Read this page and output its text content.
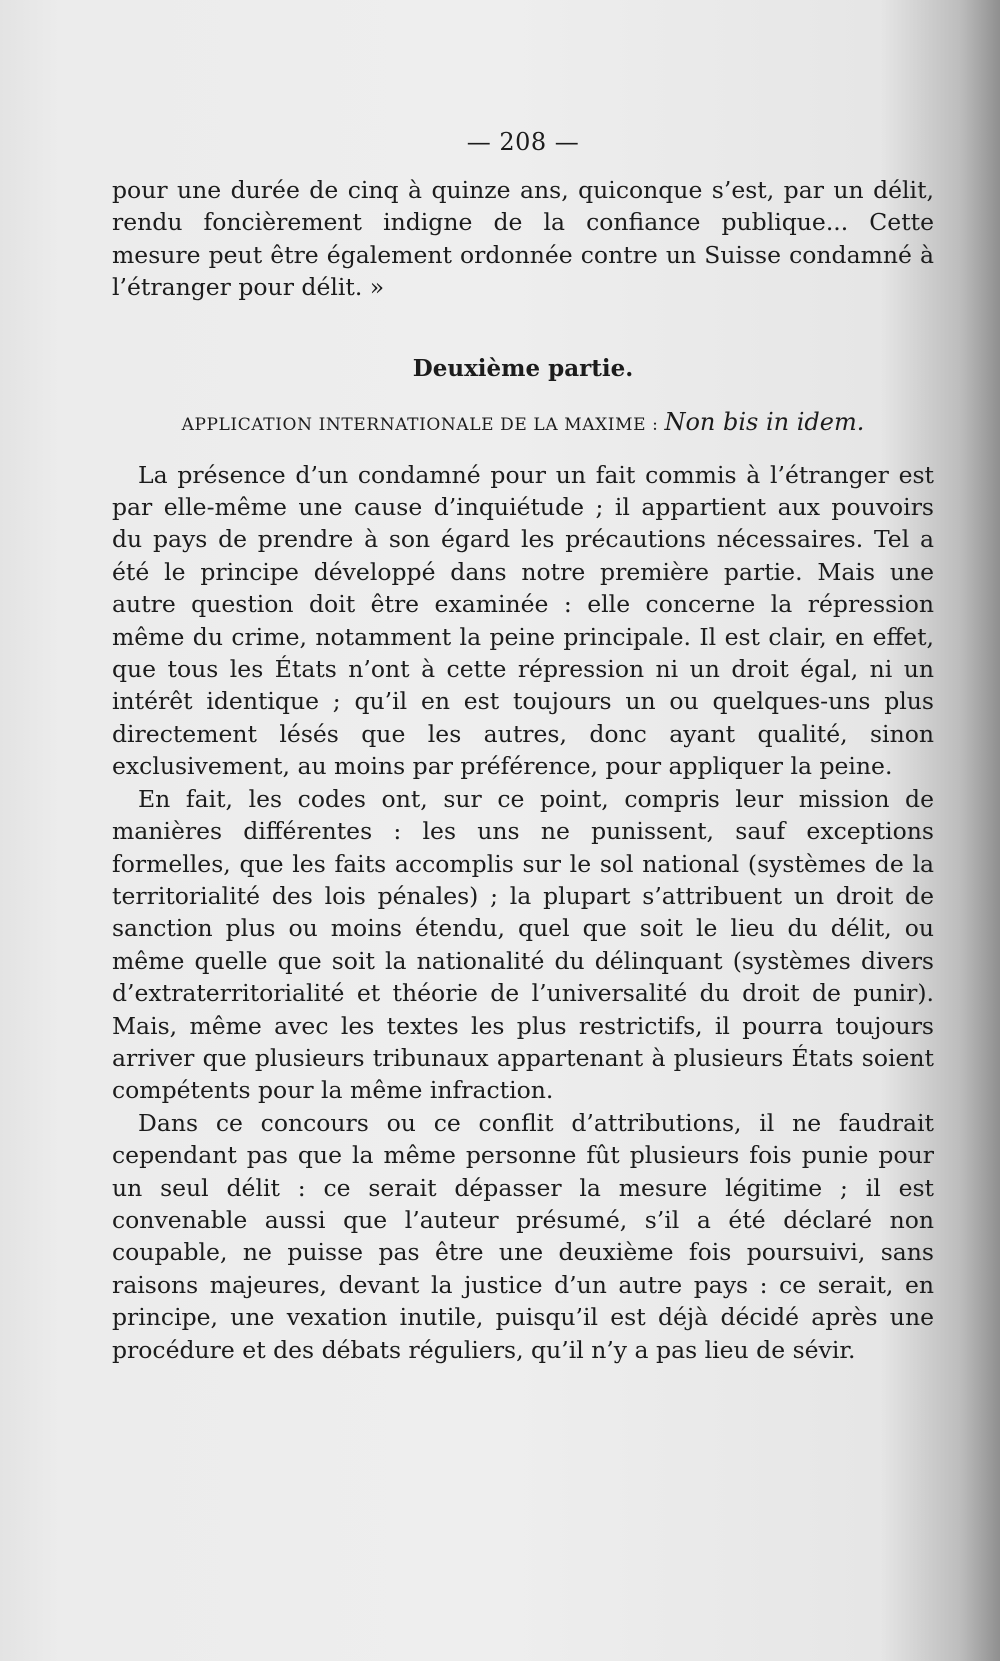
— 208 —

pour une durée de cinq à quinze ans, quiconque s’est, par un délit, rendu foncièrement indigne de la confiance publique... Cette mesure peut être également ordonnée contre un Suisse condamné à l’étranger pour délit. »

Deuxième partie.
APPLICATION INTERNATIONALE DE LA MAXIME : Non bis in idem.

La présence d’un condamné pour un fait commis à l’étranger est par elle-même une cause d’inquiétude ; il appartient aux pouvoirs du pays de prendre à son égard les précautions nécessaires. Tel a été le principe développé dans notre première partie. Mais une autre question doit être examinée : elle concerne la répression même du crime, notamment la peine principale. Il est clair, en effet, que tous les États n’ont à cette répression ni un droit égal, ni un intérêt identique ; qu’il en est toujours un ou quelques-uns plus directement lésés que les autres, donc ayant qualité, sinon exclusivement, au moins par préférence, pour appliquer la peine.

En fait, les codes ont, sur ce point, compris leur mission de manières différentes : les uns ne punissent, sauf exceptions formelles, que les faits accomplis sur le sol national (systèmes de la territorialité des lois pénales) ; la plupart s’attribuent un droit de sanction plus ou moins étendu, quel que soit le lieu du délit, ou même quelle que soit la nationalité du délinquant (systèmes divers d’extraterritorialité et théorie de l’universalité du droit de punir). Mais, même avec les textes les plus restrictifs, il pourra toujours arriver que plusieurs tribunaux appartenant à plusieurs États soient compétents pour la même infraction.

Dans ce concours ou ce conflit d’attributions, il ne faudrait cependant pas que la même personne fût plusieurs fois punie pour un seul délit : ce serait dépasser la mesure légitime ; il est convenable aussi que l’auteur présumé, s’il a été déclaré non coupable, ne puisse pas être une deuxième fois poursuivi, sans raisons majeures, devant la justice d’un autre pays : ce serait, en principe, une vexation inutile, puisqu’il est déjà décidé après une procédure et des débats réguliers, qu’il n’y a pas lieu de sévir.
